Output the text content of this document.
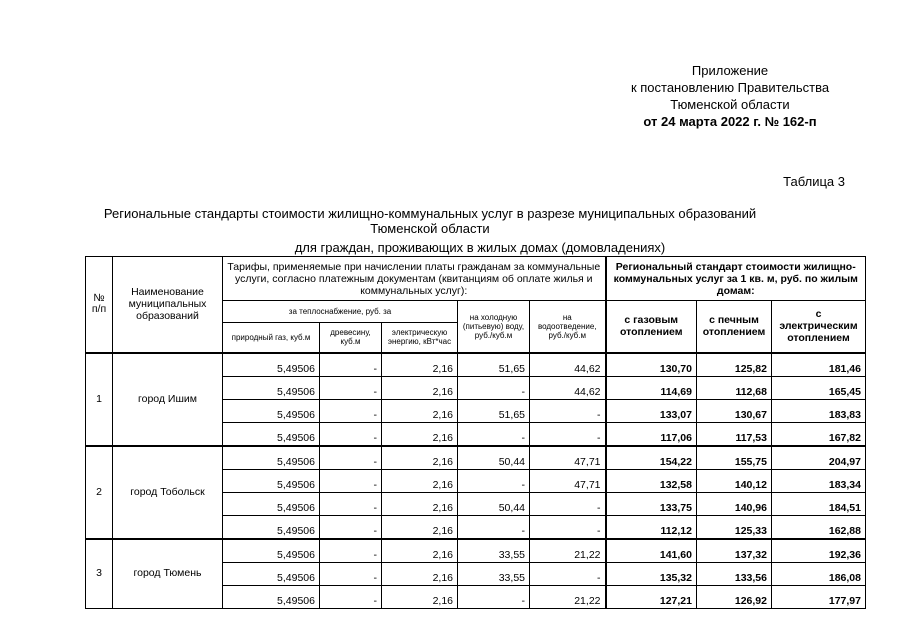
Приложение
к постановлению Правительства
Тюменской области
от 24 марта 2022 г. № 162-п
Таблица 3
Региональные стандарты стоимости жилищно-коммунальных услуг в разрезе муниципальных образований
Тюменской области
для граждан, проживающих в жилых домах (домовладениях)
№ п/п	Наименование муниципальных образований	Тарифы, применяемые при начислении платы гражданам за коммунальные услуги, согласно платежным документам (квитанциям об оплате жилья и коммунальных услуг):					Региональный стандарт стоимости жилищно-коммунальных услуг за 1 кв. м, руб. по жилым домам:		
		за теплоснабжение, руб. за			на холодную (питьевую) воду, руб./куб.м	на водоотведение, руб./куб.м	с газовым отоплением	с печным отоплением	с электрическим отоплением
		природный газ, куб.м	древесину, куб.м	электрическую энергию, кВт*час					
1	город Ишим	5,49506	-	2,16	51,65	44,62	130,70	125,82	181,46
		5,49506	-	2,16	-	44,62	114,69	112,68	165,45
		5,49506	-	2,16	51,65	-	133,07	130,67	183,83
		5,49506	-	2,16	-	-	117,06	117,53	167,82
2	город Тобольск	5,49506	-	2,16	50,44	47,71	154,22	155,75	204,97
		5,49506	-	2,16	-	47,71	132,58	140,12	183,34
		5,49506	-	2,16	50,44	-	133,75	140,96	184,51
		5,49506	-	2,16	-	-	112,12	125,33	162,88
3	город Тюмень	5,49506	-	2,16	33,55	21,22	141,60	137,32	192,36
		5,49506	-	2,16	33,55	-	135,32	133,56	186,08
		5,49506	-	2,16	-	21,22	127,21	126,92	177,97
